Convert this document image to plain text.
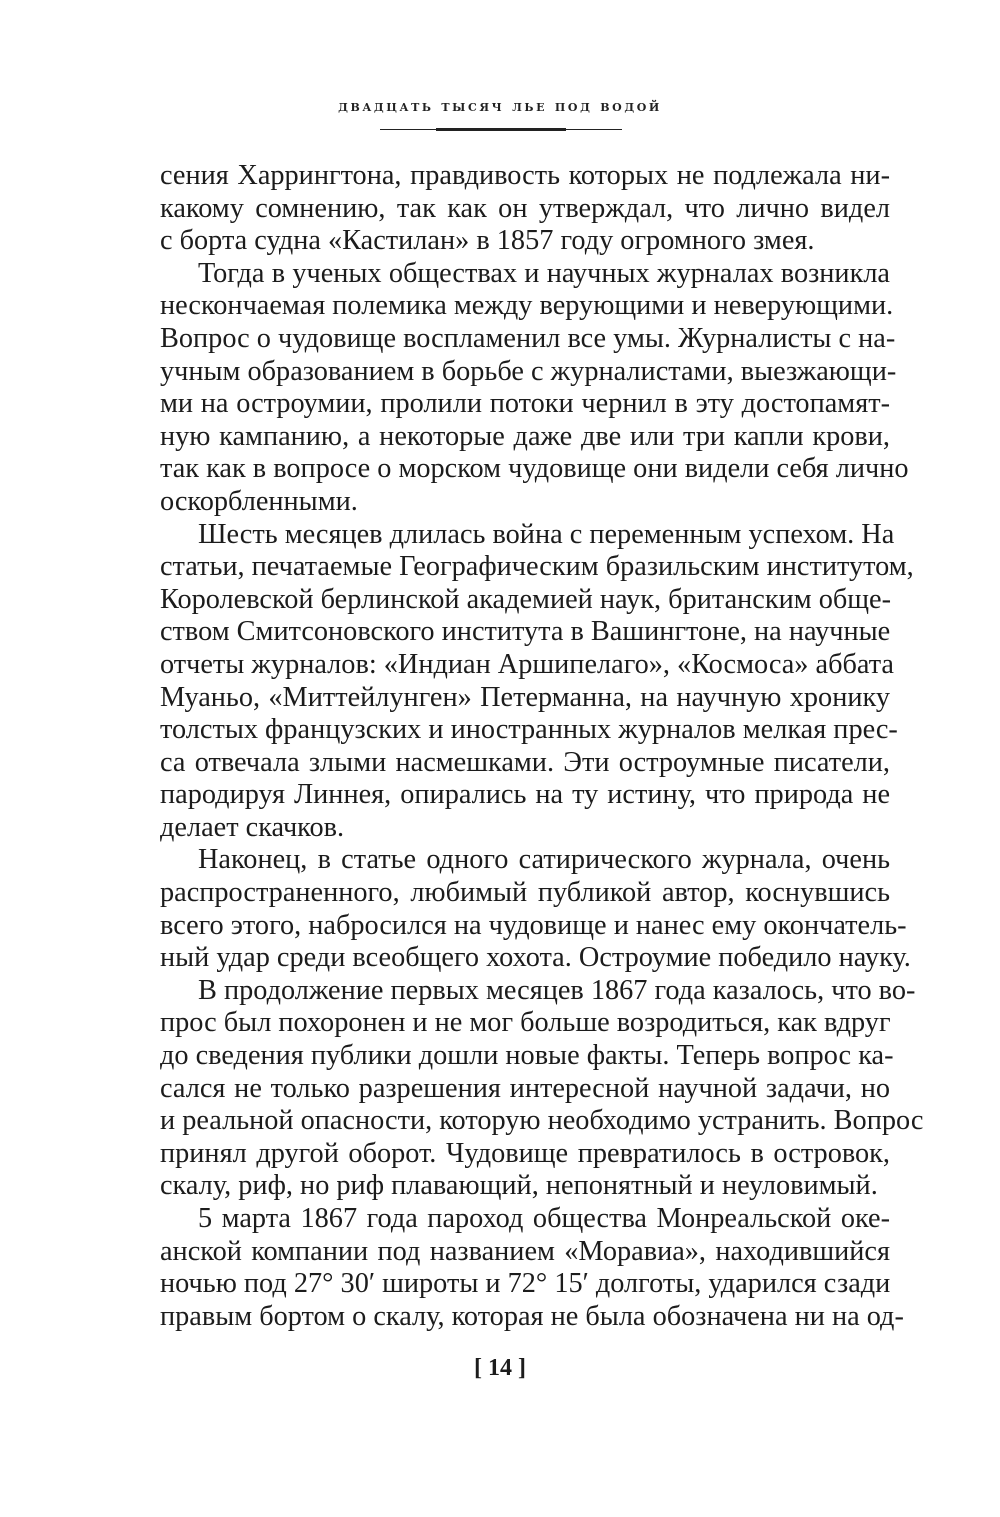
двадцать тысяч лье под водой
сения Харрингтона, правдивость которых не подлежала ни-
какому сомнению, так как он утверждал, что лично видел
с борта судна «Кастилан» в 1857 году огромного змея.
Тогда в ученых обществах и научных журналах возникла
нескончаемая полемика между верующими и неверующими.
Вопрос о чудовище воспламенил все умы. Журналисты с на-
учным образованием в борьбе с журналистами, выезжающи-
ми на остроумии, пролили потоки чернил в эту достопамят-
ную кампанию, а некоторые даже две или три капли крови,
так как в вопросе о морском чудовище они видели себя лично
оскорбленными.
Шесть месяцев длилась война с переменным успехом. На
статьи, печатаемые Географическим бразильским институтом,
Королевской берлинской академией наук, британским обще-
ством Смитсоновского института в Вашингтоне, на научные
отчеты журналов: «Индиан Аршипелаго», «Космоса» аббата
Муаньо, «Миттейлунген» Петерманна, на научную хронику
толстых французских и иностранных журналов мелкая прес-
са отвечала злыми насмешками. Эти остроумные писатели,
пародируя Линнея, опирались на ту истину, что природа не
делает скачков.
Наконец, в статье одного сатирического журнала, очень
распространенного, любимый публикой автор, коснувшись
всего этого, набросился на чудовище и нанес ему окончатель-
ный удар среди всеобщего хохота. Остроумие победило науку.
В продолжение первых месяцев 1867 года казалось, что во-
прос был похоронен и не мог больше возродиться, как вдруг
до сведения публики дошли новые факты. Теперь вопрос ка-
сался не только разрешения интересной научной задачи, но
и реальной опасности, которую необходимо устранить. Вопрос
принял другой оборот. Чудовище превратилось в островок,
скалу, риф, но риф плавающий, непонятный и неуловимый.
5 марта 1867 года пароход общества Монреальской оке-
анской компании под названием «Моравиа», находившийся
ночью под 27° 30′ широты и 72° 15′ долготы, ударился сзади
правым бортом о скалу, которая не была обозначена ни на од-
[ 14 ]
